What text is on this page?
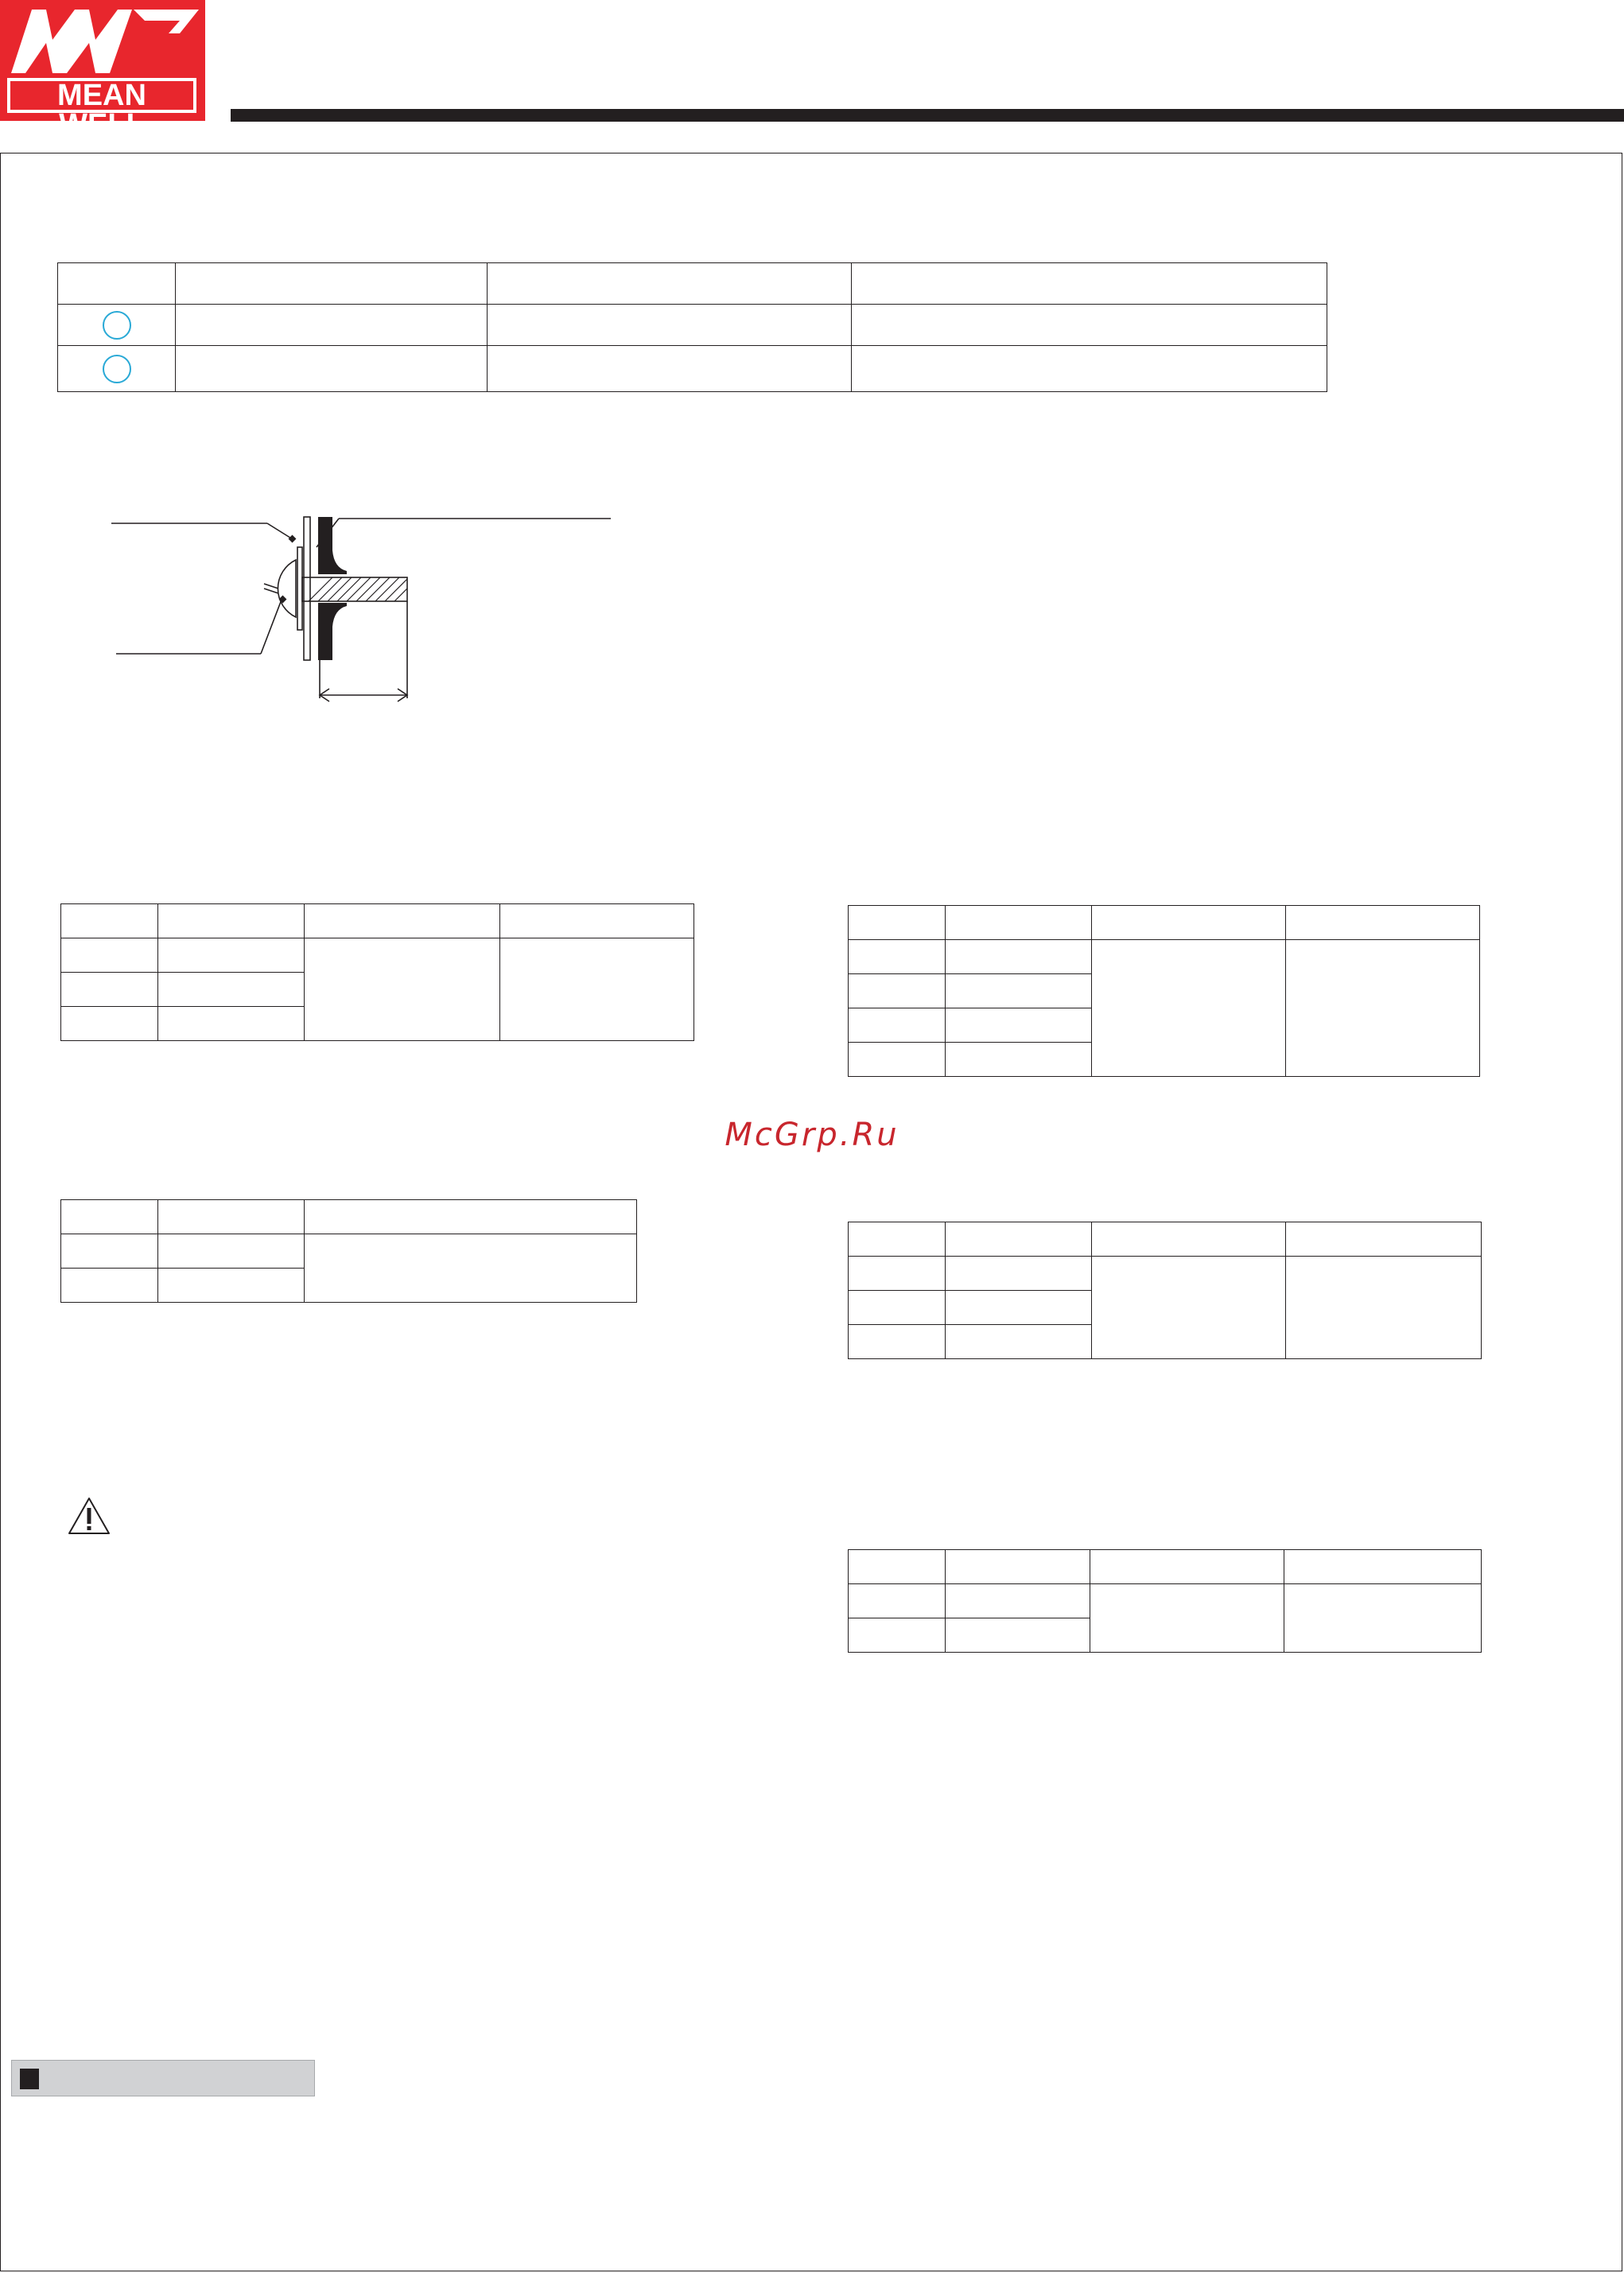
MEAN WELL

McGrp.Ru
